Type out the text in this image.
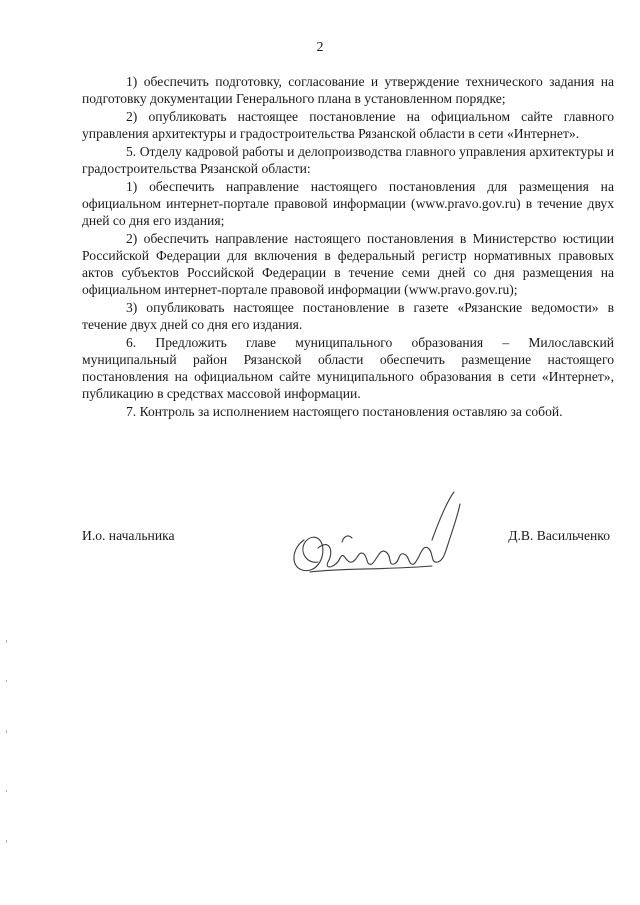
2

1) обеспечить подготовку, согласование и утверждение технического задания на подготовку документации Генерального плана в установленном порядке;

2) опубликовать настоящее постановление на официальном сайте главного управления архитектуры и градостроительства Рязанской области в сети «Интернет».

5. Отделу кадровой работы и делопроизводства главного управления архитектуры и градостроительства Рязанской области:

1) обеспечить направление настоящего постановления для размещения на официальном интернет-портале правовой информации (www.pravo.gov.ru) в течение двух дней со дня его издания;

2) обеспечить направление настоящего постановления в Министерство юстиции Российской Федерации для включения в федеральный регистр нормативных правовых актов субъектов Российской Федерации в течение семи дней со дня размещения на официальном интернет-портале правовой информации (www.pravo.gov.ru);

3) опубликовать настоящее постановление в газете «Рязанские ведомости» в течение двух дней со дня его издания.

6. Предложить главе муниципального образования – Милославский муниципальный район Рязанской области обеспечить размещение настоящего постановления на официальном сайте муниципального образования в сети «Интернет», публикацию в средствах массовой информации.

7. Контроль за исполнением настоящего постановления оставляю за собой.

И.о. начальника	Д.В. Васильченко
